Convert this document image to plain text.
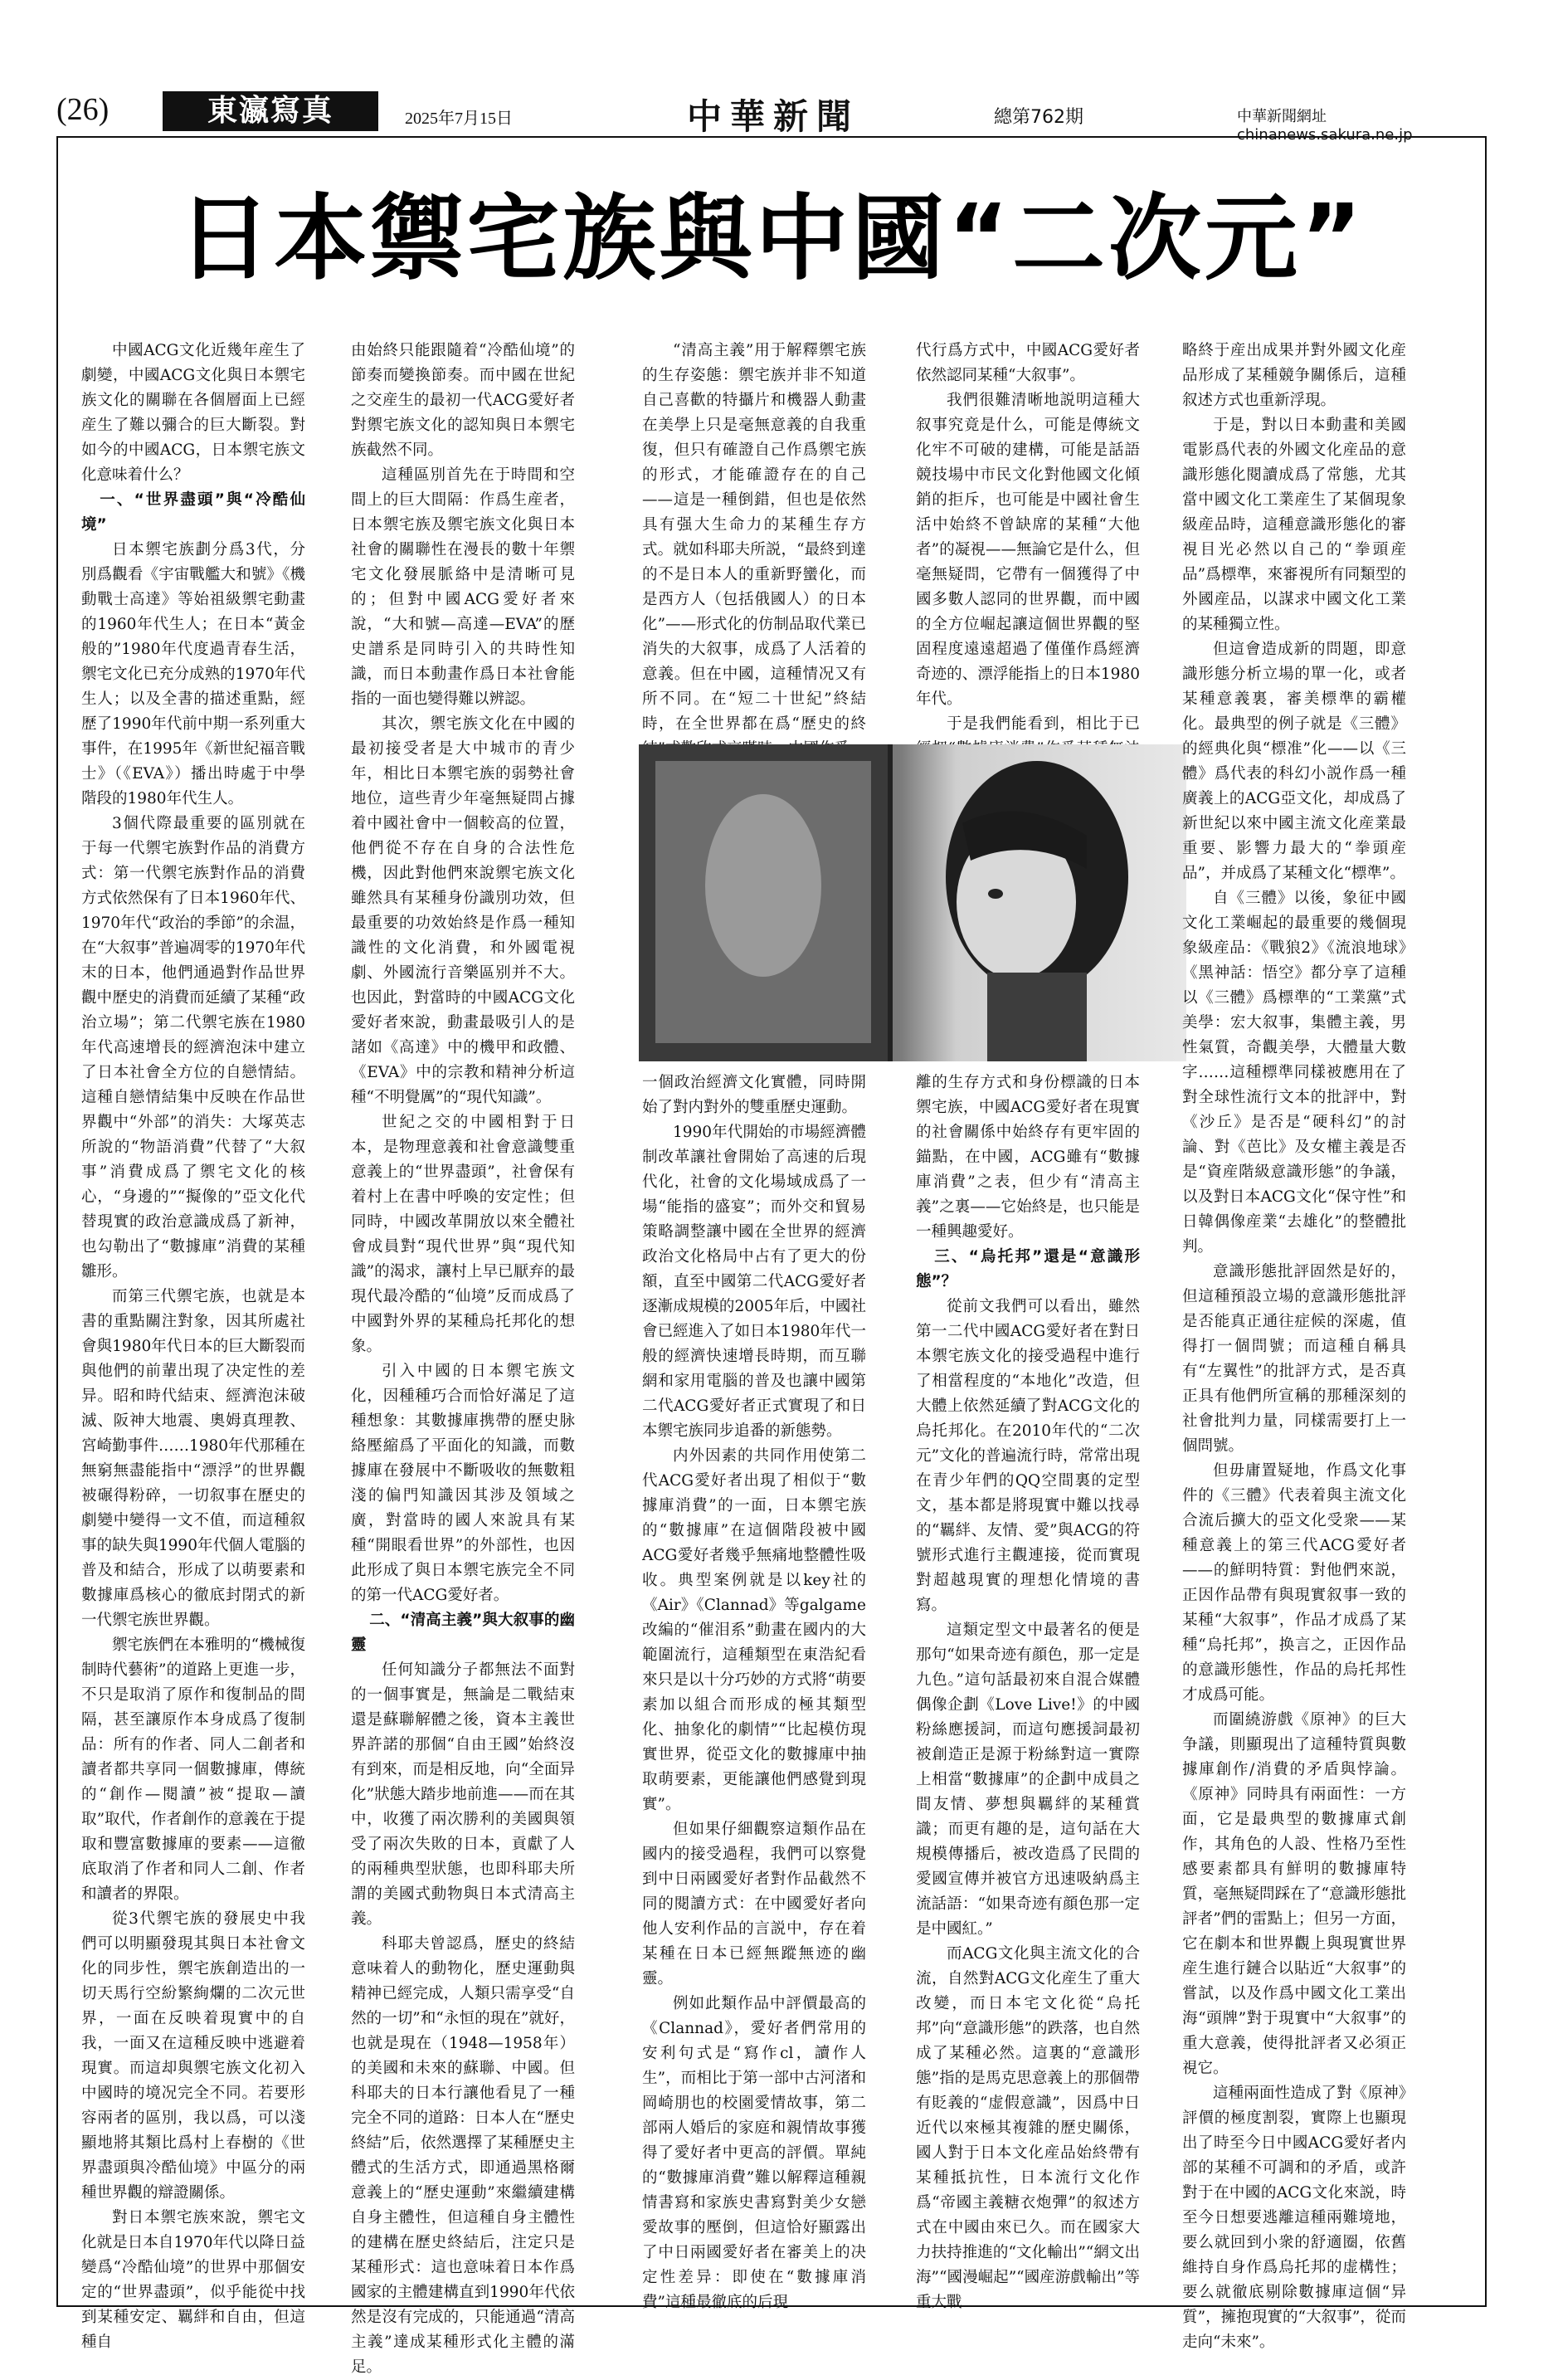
(26)	東瀛寫真	2025年7月15日	中華新聞	總第762期	中華新聞網址 chinanews.sakura.ne.jp
日本禦宅族與中國“二次元”

中國ACG文化近幾年産生了劇變，中國ACG文化與日本禦宅族文化的關聯在各個層面上已經産生了難以彌合的巨大斷裂。對如今的中國ACG，日本禦宅族文化意味着什么？

一、“世界盡頭”與“冷酷仙境”

日本禦宅族劃分爲3代，分別爲觀看《宇宙戰艦大和號》《機動戰士高達》等始祖級禦宅動畫的1960年代生人；在日本“黃金般的”1980年代度過青春生活，禦宅文化已充分成熟的1970年代生人；以及全書的描述重點，經歷了1990年代前中期一系列重大事件，在1995年《新世紀福音戰士》（《EVA》）播出時處于中學階段的1980年代生人。

3個代際最重要的區別就在于每一代禦宅族對作品的消費方式：第一代禦宅族對作品的消費方式依然保有了日本1960年代、1970年代“政治的季節”的余温，在“大叙事”普遍凋零的1970年代末的日本，他們通過對作品世界觀中歷史的消費而延續了某種“政治立場”；第二代禦宅族在1980年代高速增長的經濟泡沫中建立了日本社會全方位的自戀情結。這種自戀情結集中反映在作品世界觀中“外部”的消失：大塚英志所說的“物語消費”代替了“大叙事”消費成爲了禦宅文化的核心，“身邊的”“擬像的”亞文化代替現實的政治意識成爲了新神，也勾勒出了“數據庫”消費的某種雛形。

而第三代禦宅族，也就是本書的重點關注對象，因其所處社會與1980年代日本的巨大斷裂而與他們的前輩出現了决定性的差异。昭和時代結束、經濟泡沫破滅、阪神大地震、奧姆真理教、宮崎勤事件……1980年代那種在無窮無盡能指中“漂浮”的世界觀被碾得粉碎，一切叙事在歷史的劇變中變得一文不值，而這種叙事的缺失與1990年代個人電腦的普及和結合，形成了以萌要素和數據庫爲核心的徹底封閉式的新一代禦宅族世界觀。

禦宅族們在本雅明的“機械復制時代藝術”的道路上更進一步，不只是取消了原作和復制品的間隔，甚至讓原作本身成爲了復制品：所有的作者、同人二創者和讀者都共享同一個數據庫，傳統的“創作—閱讀”被“提取—讀取”取代，作者創作的意義在于提取和豐富數據庫的要素——這徹底取消了作者和同人二創、作者和讀者的界限。

從3代禦宅族的發展史中我們可以明顯發現其與日本社會文化的同步性，禦宅族創造出的一切天馬行空紛繁絢爛的二次元世界，一面在反映着現實中的自我，一面又在這種反映中逃避着現實。而這却與禦宅族文化初入中國時的境况完全不同。若要形容兩者的區別，我以爲，可以淺顯地將其類比爲村上春樹的《世界盡頭與冷酷仙境》中區分的兩種世界觀的辯證關係。

對日本禦宅族來說，禦宅文化就是日本自1970年代以降日益變爲“冷酷仙境”的世界中那個安定的“世界盡頭”，似乎能從中找到某種安定、羈絆和自由，但這種自

由始終只能跟隨着“冷酷仙境”的節奏而變換節奏。而中國在世紀之交産生的最初一代ACG愛好者對禦宅族文化的認知與日本禦宅族截然不同。

這種區別首先在于時間和空間上的巨大間隔：作爲生産者，日本禦宅族及禦宅族文化與日本社會的關聯性在漫長的數十年禦宅文化發展脈絡中是清晰可見的；但對中國ACG愛好者來說，“大和號—高達—EVA”的歷史譜系是同時引入的共時性知識，而日本動畫作爲日本社會能指的一面也變得難以辨認。

其次，禦宅族文化在中國的最初接受者是大中城市的青少年，相比日本禦宅族的弱勢社會地位，這些青少年毫無疑問占據着中國社會中一個較高的位置，他們從不存在自身的合法性危機，因此對他們來說禦宅族文化雖然具有某種身份識別功效，但最重要的功效始終是作爲一種知識性的文化消費，和外國電視劇、外國流行音樂區别并不大。也因此，對當時的中國ACG文化愛好者來說，動畫最吸引人的是諸如《高達》中的機甲和政體、《EVA》中的宗教和精神分析這種“不明覺厲”的“現代知識”。

世紀之交的中國相對于日本，是物理意義和社會意識雙重意義上的“世界盡頭”，社會保有着村上在書中呼喚的安定性；但同時，中國改革開放以來全體社會成員對“現代世界”與“現代知識”的渴求，讓村上早已厭弃的最現代最冷酷的“仙境”反而成爲了中國對外界的某種烏托邦化的想象。

引入中國的日本禦宅族文化，因種種巧合而恰好滿足了這種想象：其數據庫携帶的歷史脉絡壓縮爲了平面化的知識，而數據庫在發展中不斷吸收的無數粗淺的偏門知識因其涉及領域之廣，對當時的國人來說具有某種“開眼看世界”的外部性，也因此形成了與日本禦宅族完全不同的第一代ACG愛好者。

二、“清高主義”與大叙事的幽靈

任何知識分子都無法不面對的一個事實是，無論是二戰結束還是蘇聯解體之後，資本主義世界許諾的那個“自由王國”始終沒有到來，而是相反地，向“全面异化”狀態大踏步地前進——而在其中，收獲了兩次勝利的美國與領受了兩次失敗的日本，貢獻了人的兩種典型狀態，也即科耶夫所謂的美國式動物與日本式清高主義。

科耶夫曾認爲，歷史的終結意味着人的動物化，歷史運動與精神已經完成，人類只需享受“自然的一切”和“永恒的現在”就好，也就是現在（1948—1958年）的美國和未來的蘇聯、中國。但科耶夫的日本行讓他看見了一種完全不同的道路：日本人在“歷史終結”后，依然選擇了某種歷史主體式的生活方式，即通過黑格爾意義上的“歷史運動”來繼續建構自身主體性，但這種自身主體性的建構在歷史終結后，注定只是某種形式：這也意味着日本作爲國家的主體建構直到1990年代依然是沒有完成的，只能通過“清高主義”達成某種形式化主體的滿足。

“清高主義”用于解釋禦宅族的生存姿態：禦宅族并非不知道自己喜歡的特攝片和機器人動畫在美學上只是毫無意義的自我重復，但只有確證自己作爲禦宅族的形式，才能確證存在的自己——這是一種倒錯，但也是依然具有强大生命力的某種生存方式。就如科耶夫所説，“最終到達的不是日本人的重新野蠻化，而是西方人（包括俄國人）的日本化”——形式化的仿制品取代業已消失的大叙事，成爲了人活着的意義。但在中國，這種情况又有所不同。在“短二十世紀”終結時，在全世界都在爲“歷史的終

代行爲方式中，中國ACG愛好者依然認同某種“大叙事”。

我們很難清晰地説明這種大叙事究竟是什么，可能是傳統文化牢不可破的建構，可能是話語競技場中市民文化對他國文化傾銷的拒斥，也可能是中國社會生活中始終不曾缺席的某種“大他者”的凝視——無論它是什么，但毫無疑問，它帶有一個獲得了中國多數人認同的世界觀，而中國的全方位崛起讓這個世界觀的堅固程度遠遠超過了僅僅作爲經濟奇迹的、漂浮能指上的日本1980年代。

于是我們能看到，相比于已

一個政治經濟文化實體，同時開始了對内對外的雙重歷史運動。

1990年代開始的市場經濟體制改革讓社會開始了高速的后現代化，社會的文化場域成爲了一場“能指的盛宴”；而外交和貿易策略調整讓中國在全世界的經濟政治文化格局中占有了更大的份額，直至中國第二代ACG愛好者逐漸成規模的2005年后，中國社會已經進入了如日本1980年代一般的經濟快速增長時期，而互聯網和家用電腦的普及也讓中國第二代ACG愛好者正式實現了和日本禦宅族同步追番的新態勢。

内外因素的共同作用使第二代ACG愛好者出現了相似于“數據庫消費”的一面，日本禦宅族的“數據庫”在這個階段被中國ACG愛好者幾乎無痛地整體性吸收。典型案例就是以key社的《Air》《Clannad》等galgame改編的“催泪系”動畫在國内的大範圍流行，這種類型在東浩紀看來只是以十分巧妙的方式將“萌要素加以組合而形成的極其類型化、抽象化的劇情”“比起模仿現實世界，從亞文化的數據庫中抽取萌要素，更能讓他們感覺到現實”。

但如果仔細觀察這類作品在國内的接受過程，我們可以察覺到中日兩國愛好者對作品截然不同的閱讀方式：在中國愛好者向他人安利作品的言説中，存在着某種在日本已經無蹤無迹的幽靈。

例如此類作品中評價最高的《Clannad》，愛好者們常用的安利句式是“寫作cl，讀作人生”，而相比于第一部中古河渚和岡崎朋也的校園愛情故事，第二部兩人婚后的家庭和親情故事獲得了愛好者中更高的評價。單純的“數據庫消費”難以解釋這種親情書寫和家族史書寫對美少女戀愛故事的壓倒，但這恰好顯露出了中日兩國愛好者在審美上的决定性差异：即使在“數據庫消費”這種最徹底的后現

離的生存方式和身份標識的日本禦宅族，中國ACG愛好者在現實的社會關係中始終存有更牢固的錨點，在中國，ACG雖有“數據庫消費”之表，但少有“清高主義”之裏——它始終是，也只能是一種興趣愛好。

三、“烏托邦”還是“意識形態”？

從前文我們可以看出，雖然第一二代中國ACG愛好者在對日本禦宅族文化的接受過程中進行了相當程度的“本地化”改造，但大體上依然延續了對ACG文化的烏托邦化。在2010年代的“二次元”文化的普遍流行時，常常出現在青少年們的QQ空間裏的定型文，基本都是將現實中難以找尋的“羈絆、友情、愛”與ACG的符號形式進行主觀連接，從而實現對超越現實的理想化情境的書寫。

這類定型文中最著名的便是那句“如果奇迹有顔色，那一定是九色。”這句話最初來自混合媒體偶像企劃《Love Live!》的中國粉絲應援詞，而這句應援詞最初被創造正是源于粉絲對這一實際上相當“數據庫”的企劃中成員之間友情、夢想與羈絆的某種賞識；而更有趣的是，這句話在大規模傳播后，被改造爲了民間的愛國宣傳并被官方迅速吸納爲主流話語：“如果奇迹有顔色那一定是中國紅。”

而ACG文化與主流文化的合流，自然對ACG文化産生了重大改變，而日本宅文化從“烏托邦”向“意識形態”的跌落，也自然成了某種必然。這裏的“意識形態”指的是馬克思意義上的那個帶有貶義的“虚假意識”，因爲中日近代以來極其複雜的歷史關係，國人對于日本文化産品始終帶有某種抵抗性，日本流行文化作爲“帝國主義糖衣炮彈”的叙述方式在中國由來已久。而在國家大力扶持推進的“文化輸出”“網文出海”“國漫崛起”“國産游戲輸出”等重大戰

略終于産出成果并對外國文化産品形成了某種競争關係后，這種叙述方式也重新浮現。

于是，對以日本動畫和美國電影爲代表的外國文化産品的意識形態化閱讀成爲了常態，尤其當中國文化工業産生了某個現象級産品時，這種意識形態化的審視目光必然以自己的“拳頭産品”爲標準，來審視所有同類型的外國産品，以謀求中國文化工業的某種獨立性。

但這會造成新的問題，即意識形態分析立場的單一化，或者某種意義裏，審美標準的霸權化。最典型的例子就是《三體》的經典化與“標准”化——以《三體》爲代表的科幻小説作爲一種廣義上的ACG亞文化，却成爲了新世紀以來中國主流文化産業最重要、影響力最大的“拳頭産品”，并成爲了某種文化“標準”。

自《三體》以後，象征中國文化工業崛起的最重要的幾個現象級産品：《戰狼2》《流浪地球》《黑神話：悟空》都分享了這種以《三體》爲標準的“工業黨”式美學：宏大叙事，集體主義，男性氣質，奇觀美學，大體量大數字……這種標準同樣被應用在了對全球性流行文本的批評中，對《沙丘》是否是“硬科幻”的討論、對《芭比》及女權主義是否是“資産階級意識形態”的争議，以及對日本ACG文化“保守性”和日韓偶像産業“去雄化”的整體批判。

意識形態批評固然是好的，但這種預設立場的意識形態批評是否能真正通往症候的深處，值得打一個問號；而這種自稱具有“左翼性”的批評方式，是否真正具有他們所宣稱的那種深刻的社會批判力量，同樣需要打上一個問號。

但毋庸置疑地，作爲文化事件的《三體》代表着與主流文化合流后擴大的亞文化受衆——某種意義上的第三代ACG愛好者——的鮮明特質：對他們來説，正因作品帶有與現實叙事一致的某種“大叙事”，作品才成爲了某種“烏托邦”，换言之，正因作品的意識形態性，作品的烏托邦性才成爲可能。

而圍繞游戲《原神》的巨大争議，則顯現出了這種特質與數據庫創作/消費的矛盾與悖論。《原神》同時具有兩面性：一方面，它是最典型的數據庫式創作，其角色的人設、性格乃至性感要素都具有鮮明的數據庫特質，毫無疑問踩在了“意識形態批評者”們的雷點上；但另一方面，它在劇本和世界觀上與現實世界産生進行鏈合以貼近“大叙事”的嘗試，以及作爲中國文化工業出海“頭牌”對于現實中“大叙事”的重大意義，使得批評者又必須正視它。

這種兩面性造成了對《原神》評價的極度割裂，實際上也顯現出了時至今日中國ACG愛好者内部的某種不可調和的矛盾，或許對于在中國的ACG文化來説，時至今日想要逃離這種兩難境地，要么就回到小衆的舒適圈，依舊維持自身作爲烏托邦的虚構性；要么就徹底剔除數據庫這個“异質”，擁抱現實的“大叙事”，從而走向“未來”。
